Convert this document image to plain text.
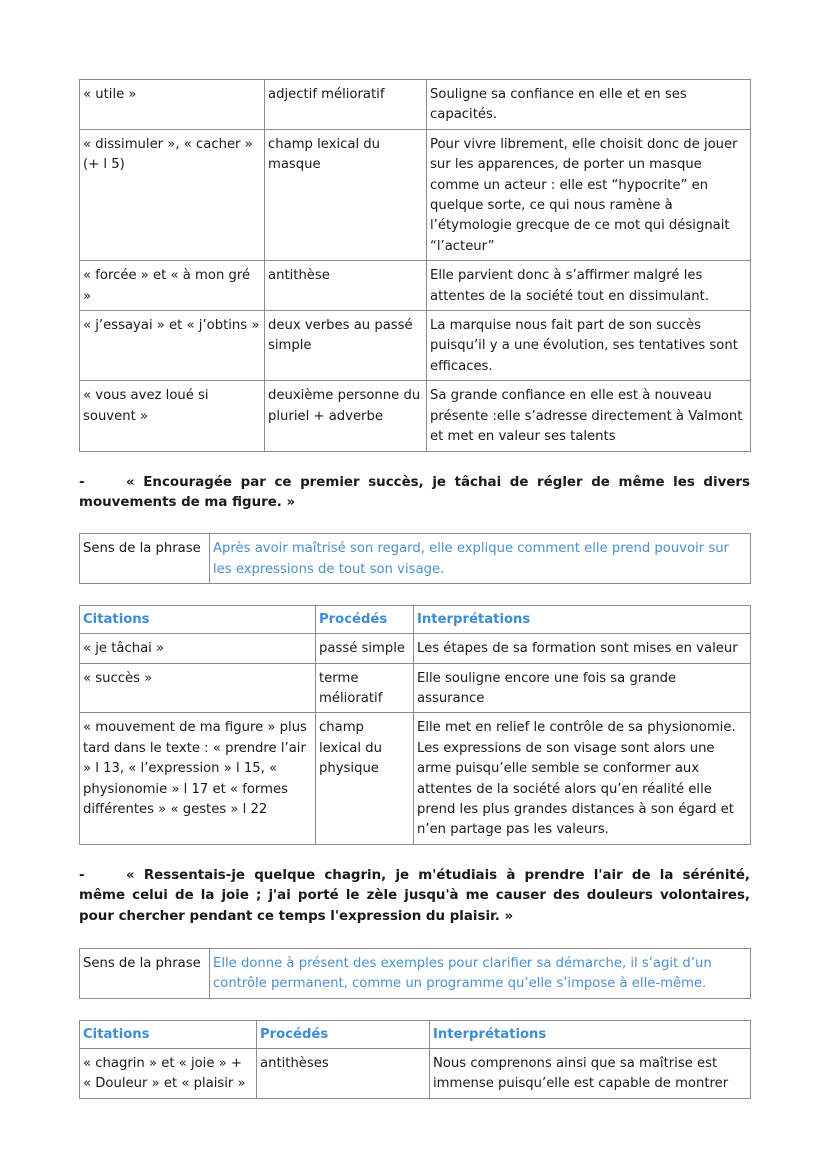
« utile »	adjectif mélioratif	Souligne sa confiance en elle et en ses capacités.
« dissimuler », « cacher » (+ l 5)	champ lexical du masque	Pour vivre librement, elle choisit donc de jouer sur les apparences, de porter un masque comme un acteur : elle est “hypocrite” en quelque sorte, ce qui nous ramène à l’étymologie grecque de ce mot qui désignait “l’acteur”
« forcée » et « à mon gré »	antithèse	Elle parvient donc à s’affirmer malgré les attentes de la société tout en dissimulant.
« j’essayai » et « j’obtins »	deux verbes au passé simple	La marquise nous fait part de son succès puisqu’il y a une évolution, ses tentatives sont efficaces.
« vous avez loué si souvent »	deuxième personne du pluriel + adverbe	Sa grande confiance en elle est à nouveau présente :elle s’adresse directement à Valmont et met en valeur ses talents
-	« Encouragée par ce premier succès, je tâchai de régler de même les divers mouvements de ma figure. »
Sens de la phrase	Après avoir maîtrisé son regard, elle explique comment elle prend pouvoir sur les expressions de tout son visage.
Citations	Procédés	Interprétations
« je tâchai »	passé simple	Les étapes de sa formation sont mises en valeur
« succès »	terme mélioratif	Elle souligne encore une fois sa grande assurance
« mouvement de ma figure » plus tard dans le texte : « prendre l’air » l 13, « l’expression » l 15, « physionomie » l 17 et « formes différentes » « gestes » l 22	champ lexical du physique	Elle met en relief le contrôle de sa physionomie. Les expressions de son visage sont alors une arme puisqu’elle semble se conformer aux attentes de la société alors qu’en réalité elle prend les plus grandes distances à son égard et n’en partage pas les valeurs.
-	« Ressentais-je quelque chagrin, je m'étudiais à prendre l'air de la sérénité, même celui de la joie ; j'ai porté le zèle jusqu'à me causer des douleurs volontaires, pour chercher pendant ce temps l'expression du plaisir. »
Sens de la phrase	Elle donne à présent des exemples pour clarifier sa démarche, il s’agit d’un contrôle permanent, comme un programme qu’elle s’impose à elle-même.
Citations	Procédés	Interprétations
« chagrin » et « joie » + « Douleur » et « plaisir »	antithèses	Nous comprenons ainsi que sa maîtrise est immense puisqu’elle est capable de montrer
